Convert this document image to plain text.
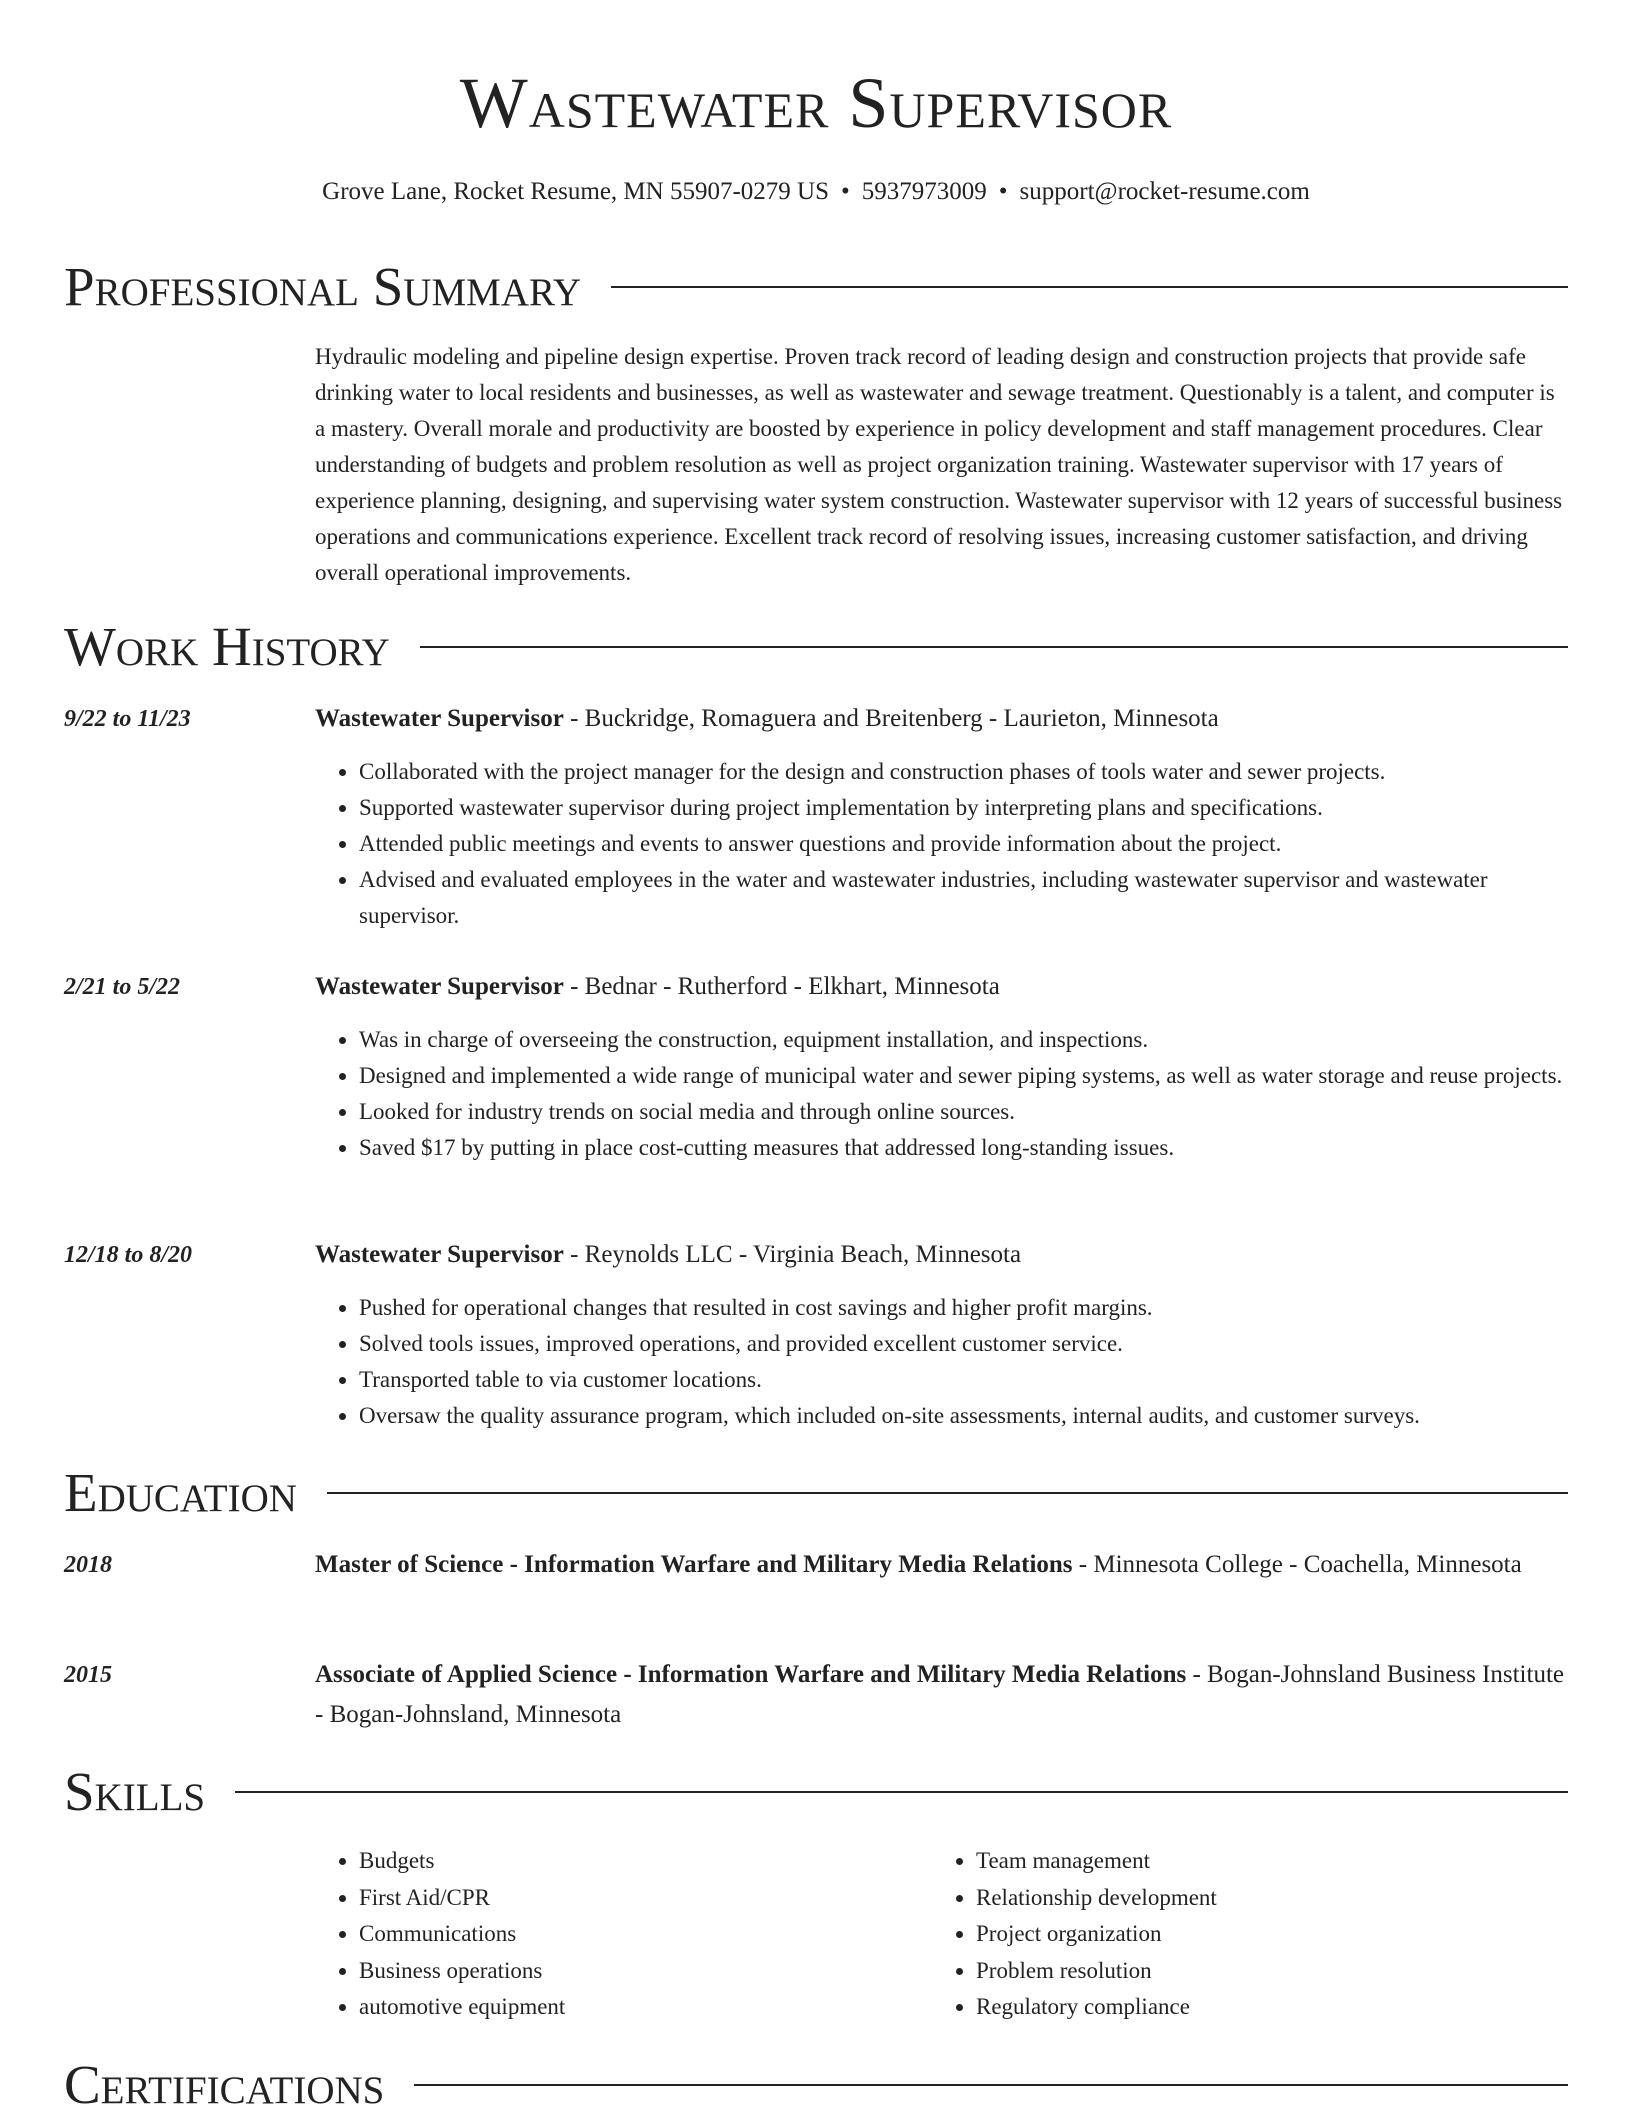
Wastewater Supervisor
Grove Lane, Rocket Resume, MN 55907-0279 US • 5937973009 • support@rocket-resume.com
Professional Summary
Hydraulic modeling and pipeline design expertise. Proven track record of leading design and construction projects that provide safe drinking water to local residents and businesses, as well as wastewater and sewage treatment. Questionably is a talent, and computer is a mastery. Overall morale and productivity are boosted by experience in policy development and staff management procedures. Clear understanding of budgets and problem resolution as well as project organization training. Wastewater supervisor with 17 years of experience planning, designing, and supervising water system construction. Wastewater supervisor with 12 years of successful business operations and communications experience. Excellent track record of resolving issues, increasing customer satisfaction, and driving overall operational improvements.
Work History
9/22 to 11/23	Wastewater Supervisor - Buckridge, Romaguera and Breitenberg - Laurieton, Minnesota
• Collaborated with the project manager for the design and construction phases of tools water and sewer projects.
• Supported wastewater supervisor during project implementation by interpreting plans and specifications.
• Attended public meetings and events to answer questions and provide information about the project.
• Advised and evaluated employees in the water and wastewater industries, including wastewater supervisor and wastewater supervisor.
2/21 to 5/22	Wastewater Supervisor - Bednar - Rutherford - Elkhart, Minnesota
• Was in charge of overseeing the construction, equipment installation, and inspections.
• Designed and implemented a wide range of municipal water and sewer piping systems, as well as water storage and reuse projects.
• Looked for industry trends on social media and through online sources.
• Saved $17 by putting in place cost-cutting measures that addressed long-standing issues.
12/18 to 8/20	Wastewater Supervisor - Reynolds LLC - Virginia Beach, Minnesota
• Pushed for operational changes that resulted in cost savings and higher profit margins.
• Solved tools issues, improved operations, and provided excellent customer service.
• Transported table to via customer locations.
• Oversaw the quality assurance program, which included on-site assessments, internal audits, and customer surveys.
Education
2018	Master of Science - Information Warfare and Military Media Relations - Minnesota College - Coachella, Minnesota
2015	Associate of Applied Science - Information Warfare and Military Media Relations - Bogan-Johnsland Business Institute - Bogan-Johnsland, Minnesota
Skills
• Budgets
• First Aid/CPR
• Communications
• Business operations
• automotive equipment
• Team management
• Relationship development
• Project organization
• Problem resolution
• Regulatory compliance
Certifications
